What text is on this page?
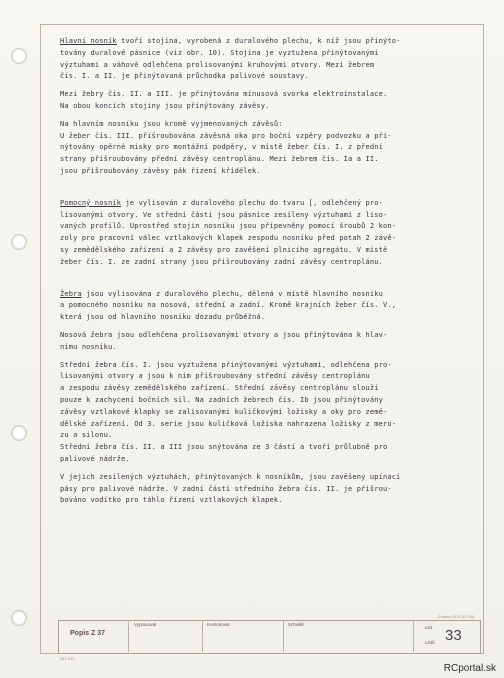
Hlavní nosník tvoří stojina, vyrobená z duralového plechu, k níž jsou přinýto-
továny duralové pásnice (viz obr. 10). Stojina je vyztužena přinýtovanými
výztuhami a váhově odlehčena prolisovanými kruhovými otvory. Mezi žebrem
čís. I. a II. je přinýtovaná průchodka palivové soustavy.
Mezi žebry čís. II. a III. je přinýtována mínusová svorka elektroinstalace.
Na obou koncích stojiny jsou přinýtovány závěsy.
Na hlavním nosníku jsou kromě vyjmenovaných závěsů:
U žeber čís. III. přišroubována závěsná oka pro boční vzpěry podvozku a při-
nýtovány opěrné misky pro montážní podpěry, v místě žeber čís. I. z přední
strany přišroubovány přední závěsy centroplánu. Mezi žebrem čís. Ia a II.
jsou přišroubovány závěsy pák řízení křidélek.
Pomocný nosník je vylisován z duralového plechu do tvaru [, odlehčený pro-
lisovanými otvory. Ve střední části jsou pásnice zesíleny výztuhami z liso-
vaných profilů. Uprostřed stojin nosníku jsou připevněny pomocí šroubů 2 kon-
zoly pro pracovní válec vztlakových klapek zespodu nosníku před potah 2 závě-
sy zemědělského zařízení a 2 závěsy pro zavěšení plnicího agregátu. V místě
žeber čís. I. ze zadní strany jsou přišroubovány zadní závěsy centroplánu.
Žebra jsou vylisována z duralového plechu, dělená v místě hlavního nosníku
a pomocného nosníku na nosová, střední a zadní. Kromě krajních žeber čís. V.,
která jsou od hlavního nosníku dozadu průběžná.
Nosová žebra jsou odlehčena prolisovanými otvory a jsou přinýtována k hlav-
nímu nosníku.
Střední žebra čís. I. jsou vyztužena přinýtovanými výztuhami, odlehčena pro-
lisovanými otvory a jsou k nim přišroubovány střední závěsy centroplánu
a zespodu závěsy zemědělského zařízení. Střední závěsy centroplánu slouží
pouze k zachycení bočních sil. Na zadních žebrech čís. Ib jsou přinýtovány
závěsy vztlakové klapky se zalisovanými kuličkovými ložisky a oky pro země-
dělské zařízení. Od 3. serie jsou kuličková ložiska nahrazena ložisky z meru-
zu a silonu.
Střední žebra čís. II. a III jsou snýtována ze 3 částí a tvoří průlubně pro
palivové nádrže.
V jejich zesílených výztuhách, přinýtovaných k nosníkům, jsou zavěšeny upínací
pásy pro palivové nádrže. V zadní části středního žebra čís. II. je přišrou-
bováno vodítko pro táhlo řízení vztlakových klapek.
Popis Z 37
Vypracoval	Kontroloval	Schválil
List
Listů 33
Změna 1970 (07.65)
041 009
RCportal.sk
